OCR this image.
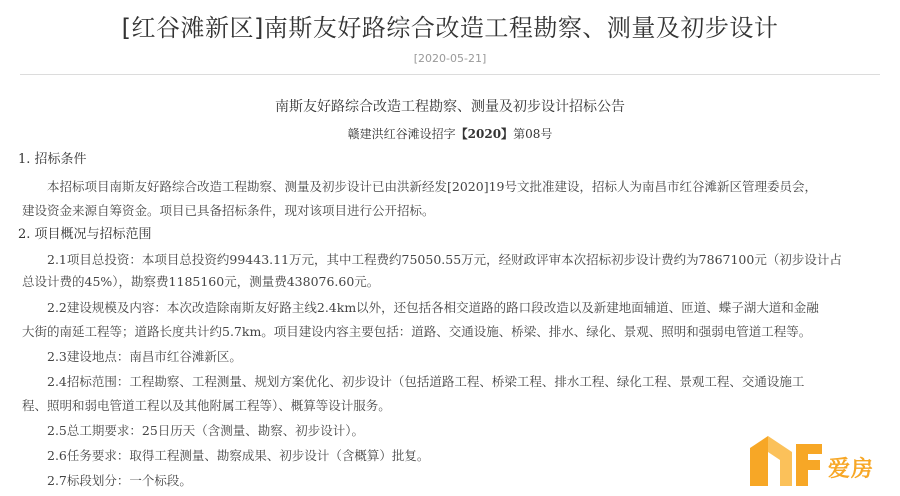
[红谷滩新区]南斯友好路综合改造工程勘察、测量及初步设计
[2020-05-21]
南斯友好路综合改造工程勘察、测量及初步设计招标公告
赣建洪红谷滩设招字【2020】第08号
1. 招标条件
　　本招标项目南斯友好路综合改造工程勘察、测量及初步设计已由洪新经发[2020]19号文批准建设，招标人为南昌市红谷滩新区管理委员会，
建设资金来源自筹资金。项目已具备招标条件，现对该项目进行公开招标。
2. 项目概况与招标范围
　　2.1项目总投资：本项目总投资约99443.11万元，其中工程费约75050.55万元，经财政评审本次招标初步设计费约为7867100元（初步设计占
总设计费的45%），勘察费1185160元，测量费438076.60元。
　　2.2建设规模及内容：本次改造除南斯友好路主线2.4km以外，还包括各相交道路的路口段改造以及新建地面辅道、匝道、蝶子湖大道和金融
大街的南延工程等；道路长度共计约5.7km。项目建设内容主要包括：道路、交通设施、桥梁、排水、绿化、景观、照明和强弱电管道工程等。
　　2.3建设地点：南昌市红谷滩新区。
　　2.4招标范围：工程勘察、工程测量、规划方案优化、初步设计（包括道路工程、桥梁工程、排水工程、绿化工程、景观工程、交通设施工
程、照明和弱电管道工程以及其他附属工程等）、概算等设计服务。
　　2.5总工期要求：25日历天（含测量、勘察、初步设计）。
　　2.6任务要求：取得工程测量、勘察成果、初步设计（含概算）批复。
　　2.7标段划分：一个标段。	爱房
